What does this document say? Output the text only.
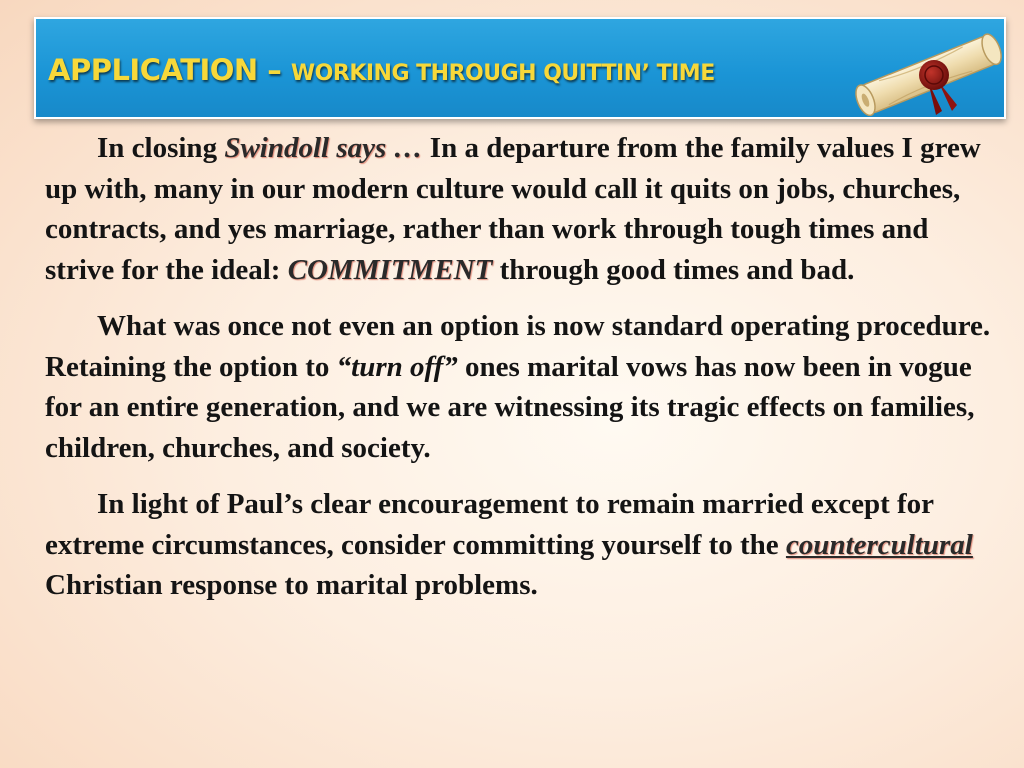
APPLICATION – WORKING THROUGH QUITTIN’ TIME

In closing Swindoll says … In a departure from the family values I grew up with, many in our modern culture would call it quits on jobs, churches, contracts, and yes marriage, rather than work through tough times and strive for the ideal: COMMITMENT through good times and bad.

What was once not even an option is now standard operating procedure. Retaining the option to “turn off” ones marital vows has now been in vogue for an entire generation, and we are witnessing its tragic effects on families, children, churches, and society.

In light of Paul’s clear encouragement to remain married except for extreme circumstances, consider committing yourself to the countercultural Christian response to marital problems.
